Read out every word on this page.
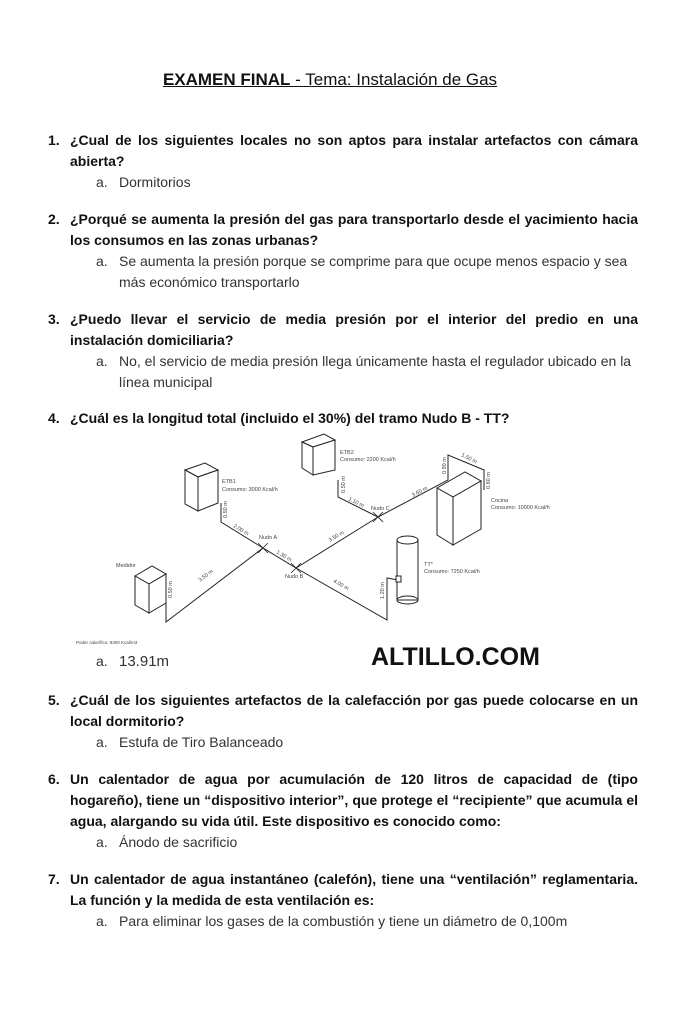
EXAMEN FINAL - Tema: Instalación de Gas
1. ¿Cual de los siguientes locales no son aptos para instalar artefactos con cámara abierta?
a. Dormitorios
2. ¿Porqué se aumenta la presión del gas para transportarlo desde el yacimiento hacia los consumos en las zonas urbanas?
a. Se aumenta la presión porque se comprime para que ocupe menos espacio y sea más económico transportarlo
3. ¿Puedo llevar el servicio de media presión por el interior del predio en una instalación domiciliaria?
a. No, el servicio de media presión llega únicamente hasta el regulador ubicado en la línea municipal
4. ¿Cuál es la longitud total (incluido el 30%) del tramo Nudo B - TT?
a. 13.91m	ALTILLO.COM
Medidor
ETB1
Consumo: 3000 Kcal/h
ETB2
Consumo: 2200 Kcal/h
Cocina
Consumo: 10000 Kcal/h
TT*
Consumo: 7250 Kcal/h
Nudo A
Nudo B
Nudo C
0.50 m
3.50 m
0.50 m
2.00 m
1.30 m
3.50 m
1.10 m
0.50 m	3.60 m
0.90 m 1.50 m
0.60 m
4.00 m	1.20 m
Poder calorífico: 9300 Kcal/m3
5. ¿Cuál de los siguientes artefactos de la calefacción por gas puede colocarse en un local dormitorio?
a. Estufa de Tiro Balanceado
6. Un calentador de agua por acumulación de 120 litros de capacidad de (tipo hogareño), tiene un “dispositivo interior”, que protege el “recipiente” que acumula el agua, alargando su vida útil. Este dispositivo es conocido como:
a. Ánodo de sacrificio
7. Un calentador de agua instantáneo (calefón), tiene una “ventilación” reglamentaria. La función y la medida de esta ventilación es:
a. Para eliminar los gases de la combustión y tiene un diámetro de 0,100m
